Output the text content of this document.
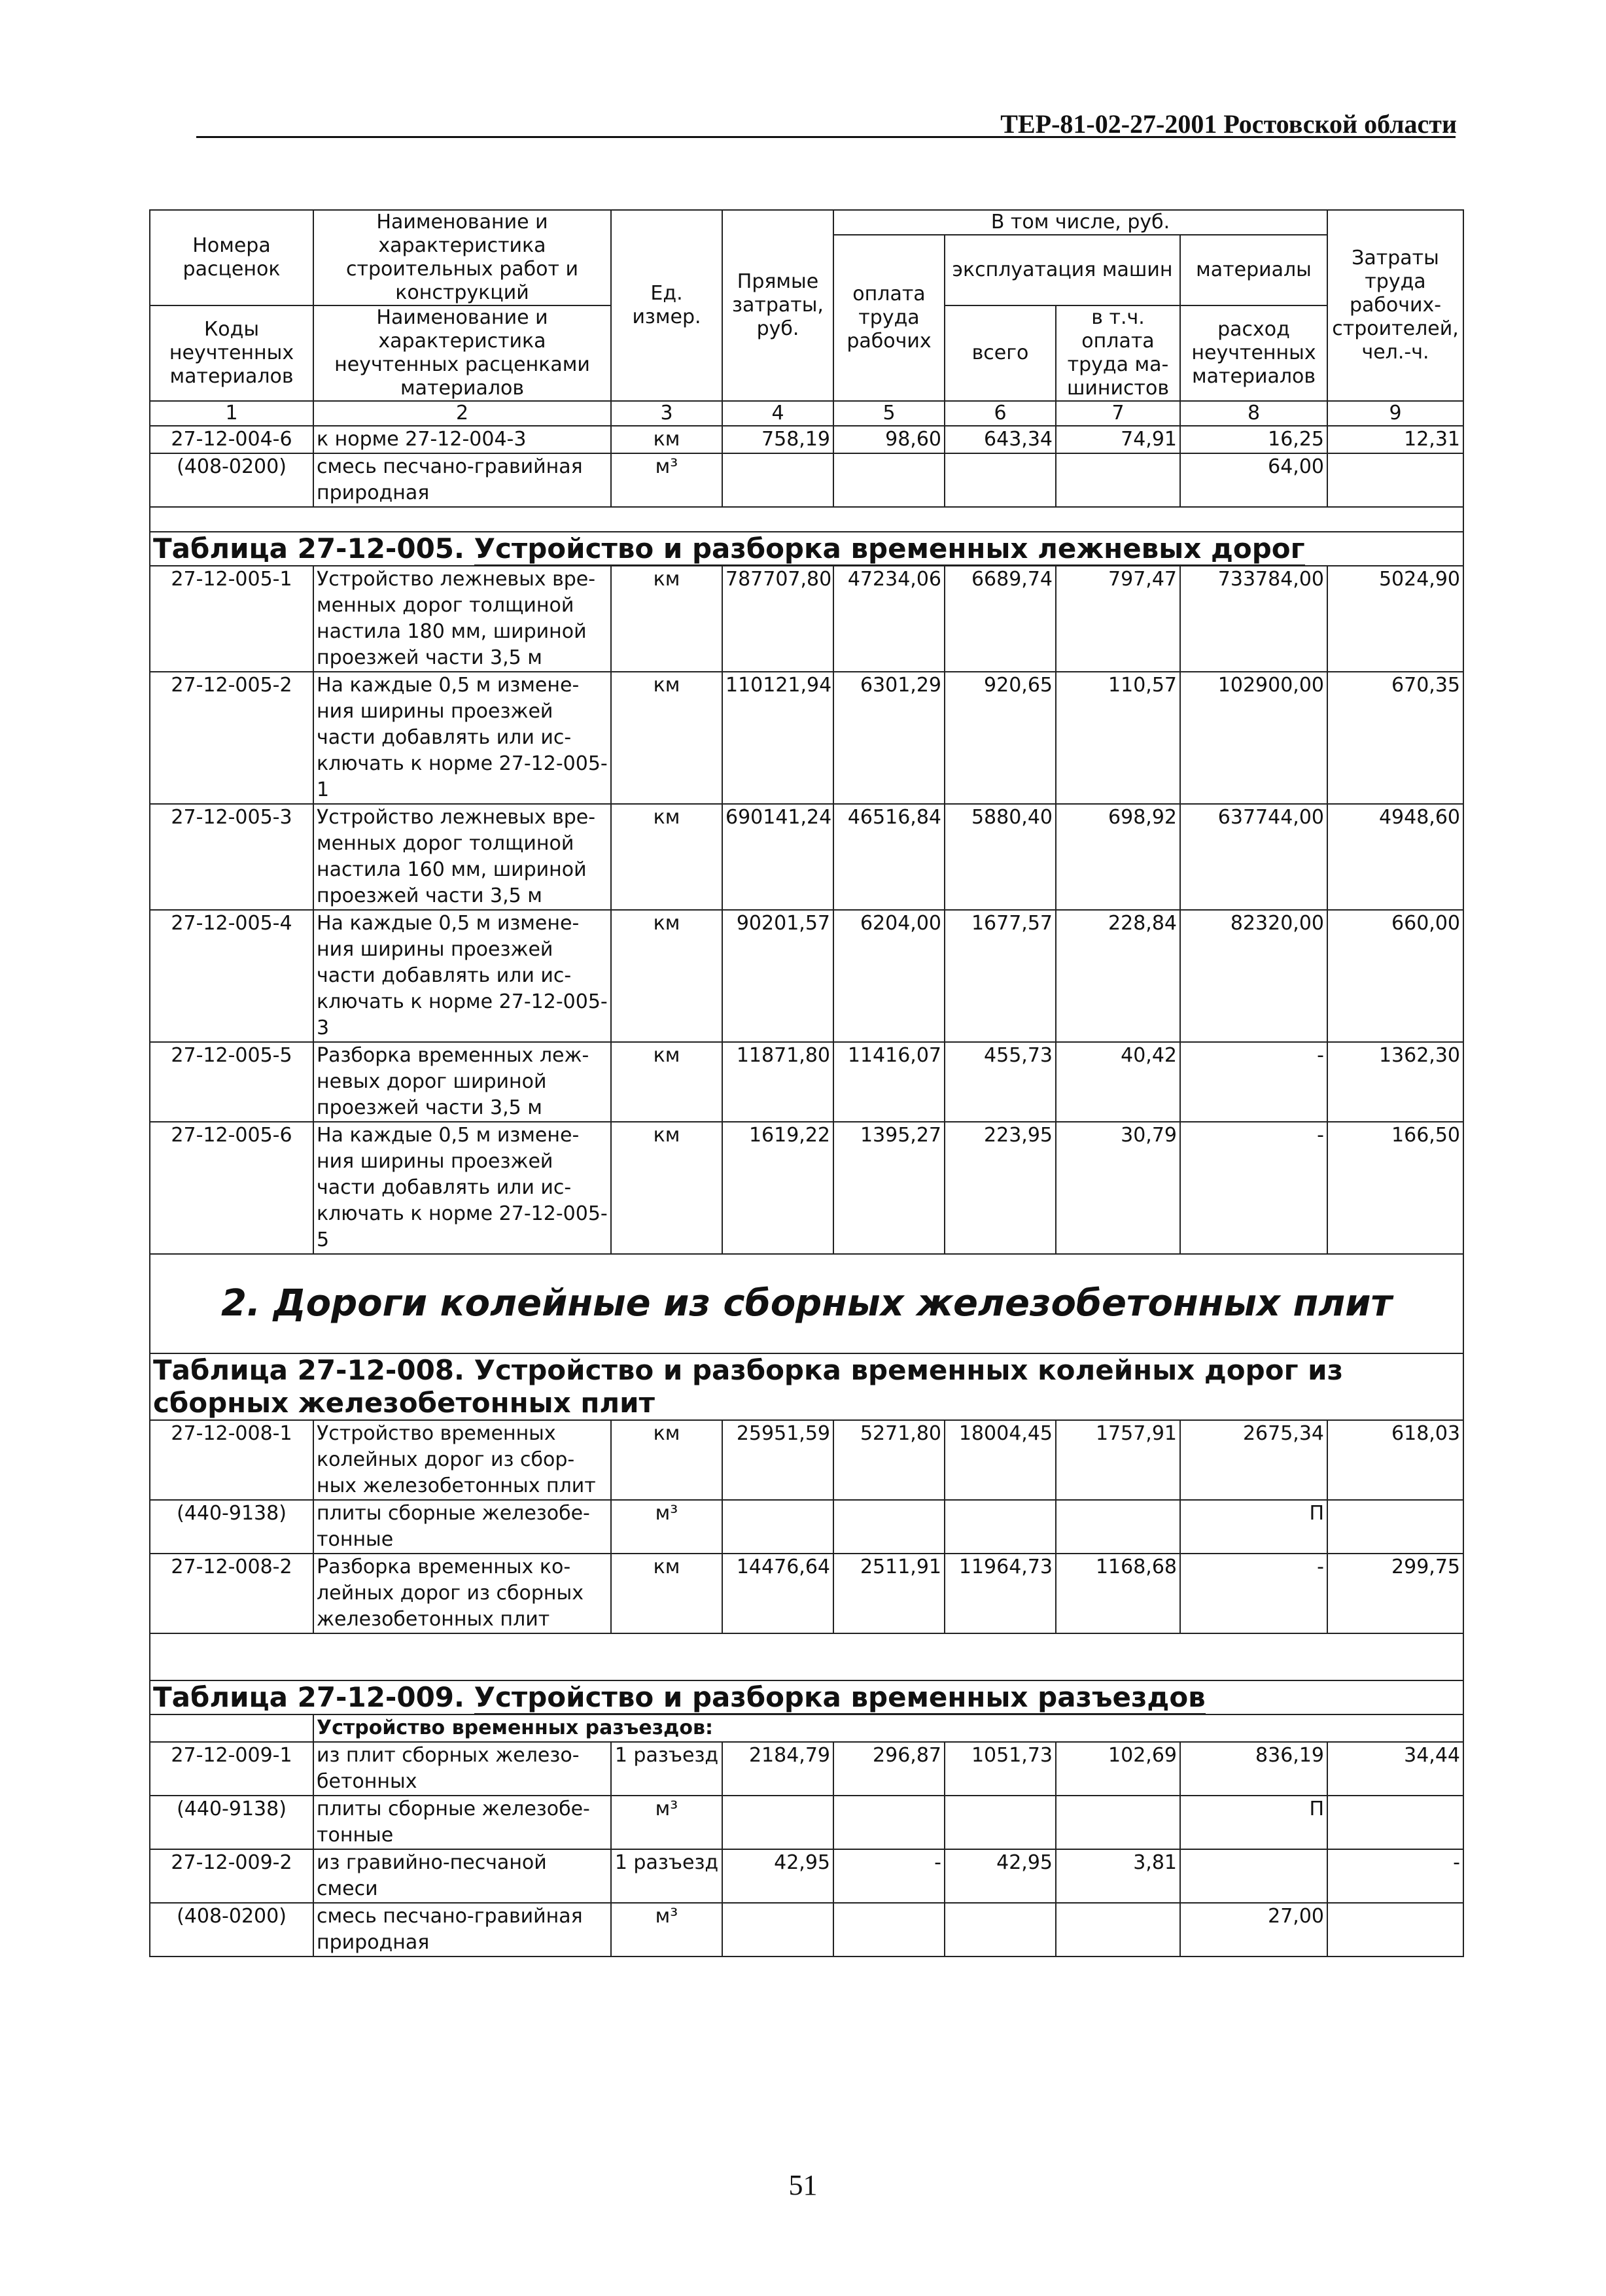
ТЕР-81-02-27-2001 Ростовской области
Номера расценок	Наименование и характеристика строительных работ и конструкций	Ед. измер.	Прямые затраты, руб.	В том числе, руб.				Затраты труда рабочих-строителей, чел.-ч.
				оплата труда рабочих	эксплуатация машин		материалы	
Коды неучтенных материалов	Наименование и характеристика неучтенных расценками материалов				всего	в т.ч. оплата труда ма-шинистов	расход неучтенных материалов	

1	2	3	4	5	6	7	8	9
27-12-004-6	к норме 27-12-004-3	км	758,19	98,60	643,34	74,91	16,25	12,31
(408-0200)	смесь песчано-гравийная природная	м³					64,00	

Таблица 27-12-005. Устройство и разборка временных лежневых дорог								
27-12-005-1	Устройство лежневых вре-менных дорог толщиной настила 180 мм, шириной проезжей части 3,5 м	км	787707,80	47234,06	6689,74	797,47	733784,00	5024,90
27-12-005-2	На каждые 0,5 м измене-ния ширины проезжей части добавлять или ис-ключать к норме 27-12-005-1	км	110121,94	6301,29	920,65	110,57	102900,00	670,35
27-12-005-3	Устройство лежневых вре-менных дорог толщиной настила 160 мм, шириной проезжей части 3,5 м	км	690141,24	46516,84	5880,40	698,92	637744,00	4948,60
27-12-005-4	На каждые 0,5 м измене-ния ширины проезжей части добавлять или ис-ключать к норме 27-12-005-3	км	90201,57	6204,00	1677,57	228,84	82320,00	660,00
27-12-005-5	Разборка временных леж-невых дорог шириной проезжей части 3,5 м	км	11871,80	11416,07	455,73	40,42	-	1362,30
27-12-005-6	На каждые 0,5 м измене-ния ширины проезжей части добавлять или ис-ключать к норме 27-12-005-5	км	1619,22	1395,27	223,95	30,79	-	166,50
2. Дороги колейные из сборных железобетонных плит								
Таблица 27-12-008. Устройство и разборка временных колейных дорог из сборных железобетонных плит								
27-12-008-1	Устройство временных колейных дорог из сбор-ных железобетонных плит	км	25951,59	5271,80	18004,45	1757,91	2675,34	618,03
(440-9138)	плиты сборные железобе-тонные	м³					П	
27-12-008-2	Разборка временных ко-лейных дорог из сборных железобетонных плит	км	14476,64	2511,91	11964,73	1168,68	-	299,75

Таблица 27-12-009. Устройство и разборка временных разъездов								
	Устройство временных разъездов:							
27-12-009-1	из плит сборных железо-бетонных	1 разъезд	2184,79	296,87	1051,73	102,69	836,19	34,44
(440-9138)	плиты сборные железобе-тонные	м³					П	
27-12-009-2	из гравийно-песчаной смеси	1 разъезд	42,95	-	42,95	3,81		-
(408-0200)	смесь песчано-гравийная природная	м³					27,00	
51
